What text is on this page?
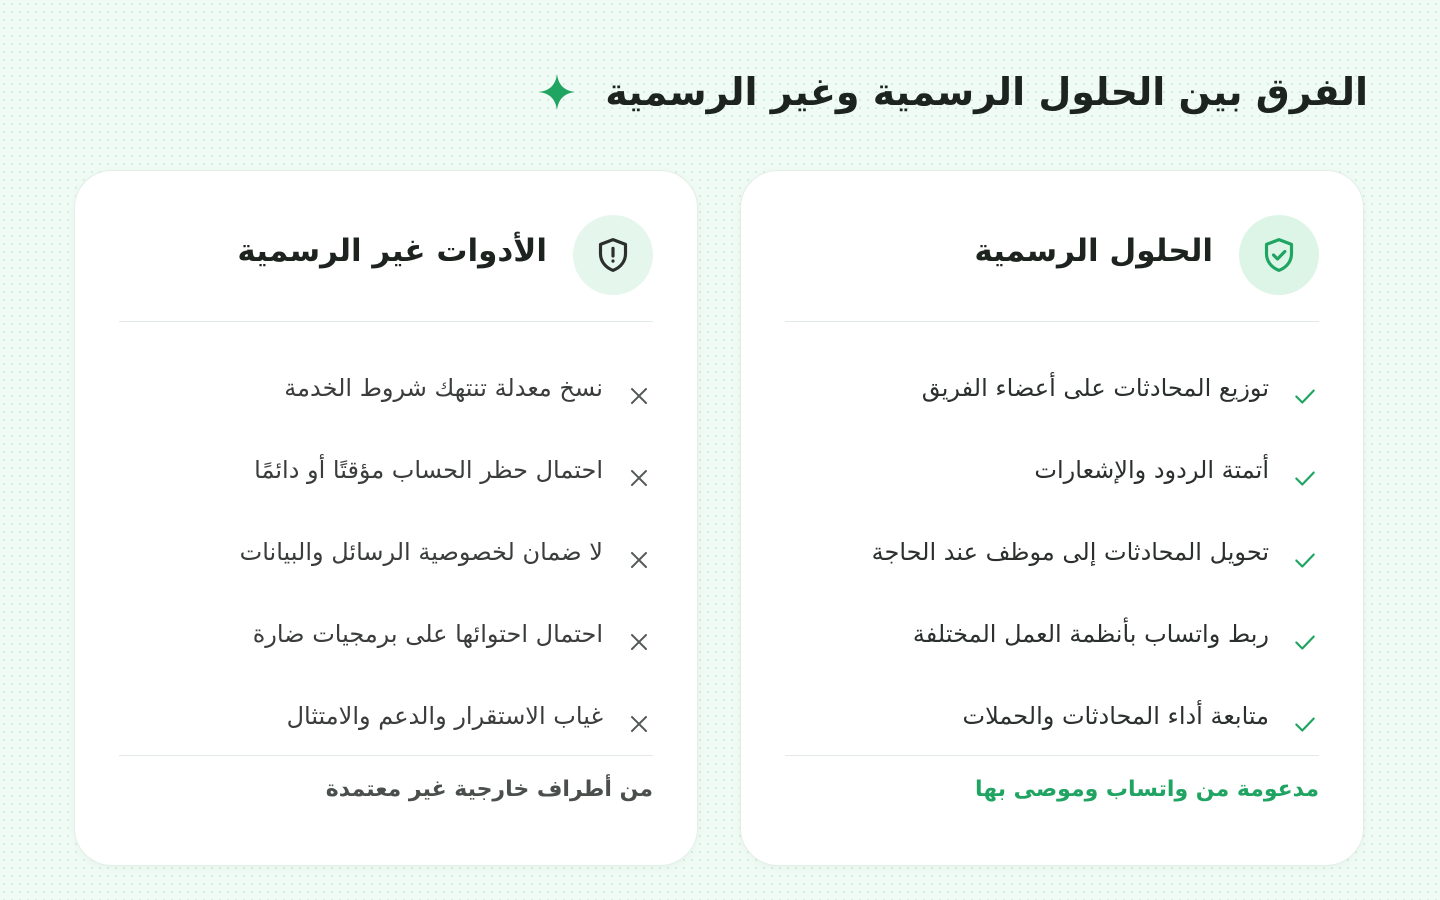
الفرق بين الحلول الرسمية وغير الرسمية
الحلول الرسمية
توزيع المحادثات على أعضاء الفريق
أتمتة الردود والإشعارات
تحويل المحادثات إلى موظف عند الحاجة
ربط واتساب بأنظمة العمل المختلفة
متابعة أداء المحادثات والحملات
مدعومة من واتساب وموصى بها
الأدوات غير الرسمية
نسخ معدلة تنتهك شروط الخدمة
احتمال حظر الحساب مؤقتًا أو دائمًا
لا ضمان لخصوصية الرسائل والبيانات
احتمال احتوائها على برمجيات ضارة
غياب الاستقرار والدعم والامتثال
من أطراف خارجية غير معتمدة
